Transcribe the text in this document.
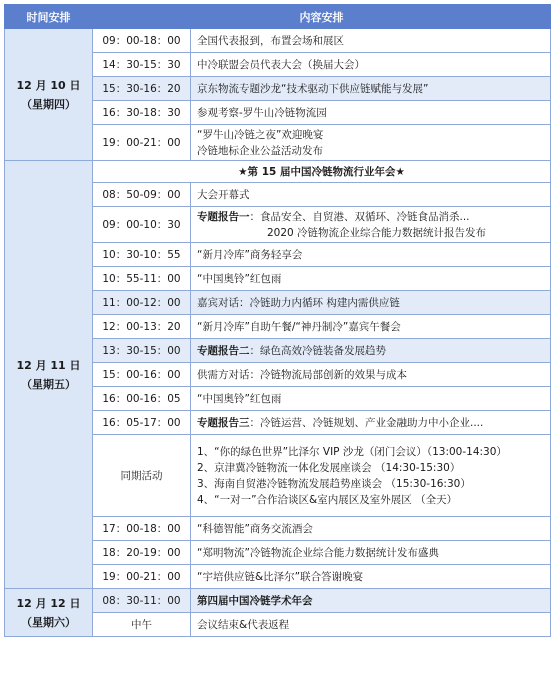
时间安排	内容安排	

12 月 10 日
（星期四）	09：00-18：00	全国代表报到，布置会场和展区
	14：30-15：30	中冷联盟会员代表大会（换届大会）
	15：30-16：20	京东物流专题沙龙“技术驱动下供应链赋能与发展”
	16：30-18：30	参观考察-罗牛山冷链物流园
	19：00-21：00	“罗牛山冷链之夜”欢迎晚宴
冷链地标企业公益活动发布

12 月 11 日
（星期五）	★第 15 届中国冷链物流行业年会★	
	08：50-09：00	大会开幕式
	09：00-10：30	专题报告一：食品安全、自贸港、双循环、冷链食品消杀...
2020 冷链物流企业综合能力数据统计报告发布

	10：30-10：55	“新月冷库”商务轻享会
	10：55-11：00	“中国奥铃”红包雨
	11：00-12：00	嘉宾对话：冷链助力内循环 构建内需供应链
	12：00-13：20	“新月冷库”自助午餐/“神丹制冷”嘉宾午餐会
	13：30-15：00	专题报告二：绿色高效冷链装备发展趋势
	15：00-16：00	供需方对话：冷链物流局部创新的效果与成本
	16：00-16：05	“中国奥铃”红包雨
	16：05-17：00	专题报告三：冷链运营、冷链规划、产业金融助力中小企业....
	同期活动	1、“你的绿色世界”比泽尔 VIP 沙龙（闭门会议）（13:00-14:30）
2、京津冀冷链物流一体化发展座谈会 （14:30-15:30）
3、海南自贸港冷链物流发展趋势座谈会 （15:30-16:30）
4、“一对一”合作洽谈区&室内展区及室外展区 （全天）

	17：00-18：00	“科德智能”商务交流酒会
	18：20-19：00	“郑明物流”冷链物流企业综合能力数据统计发布盛典
	19：00-21：00	“宇培供应链&比泽尔”联合答谢晚宴

12 月 12 日
（星期六）	08：30-11：00	第四届中国冷链学术年会
	中午	会议结束&代表返程
